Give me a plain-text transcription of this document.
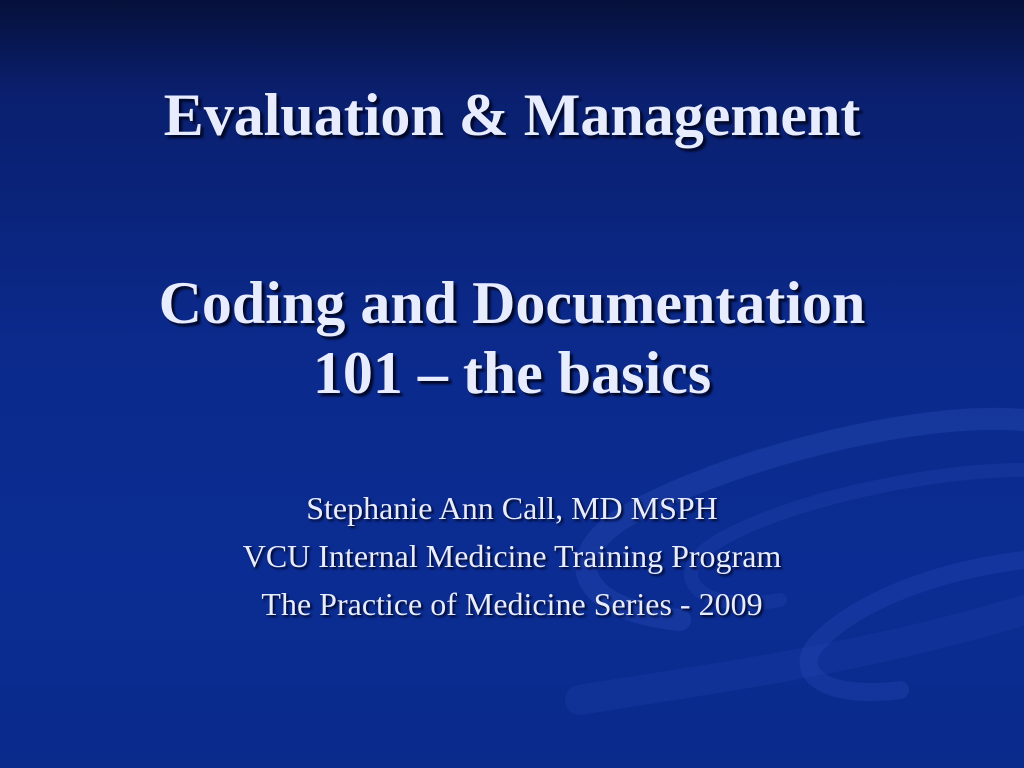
Evaluation & Management
Coding and Documentation
101 – the basics
Stephanie Ann Call, MD MSPH
VCU Internal Medicine Training Program
The Practice of Medicine Series - 2009
